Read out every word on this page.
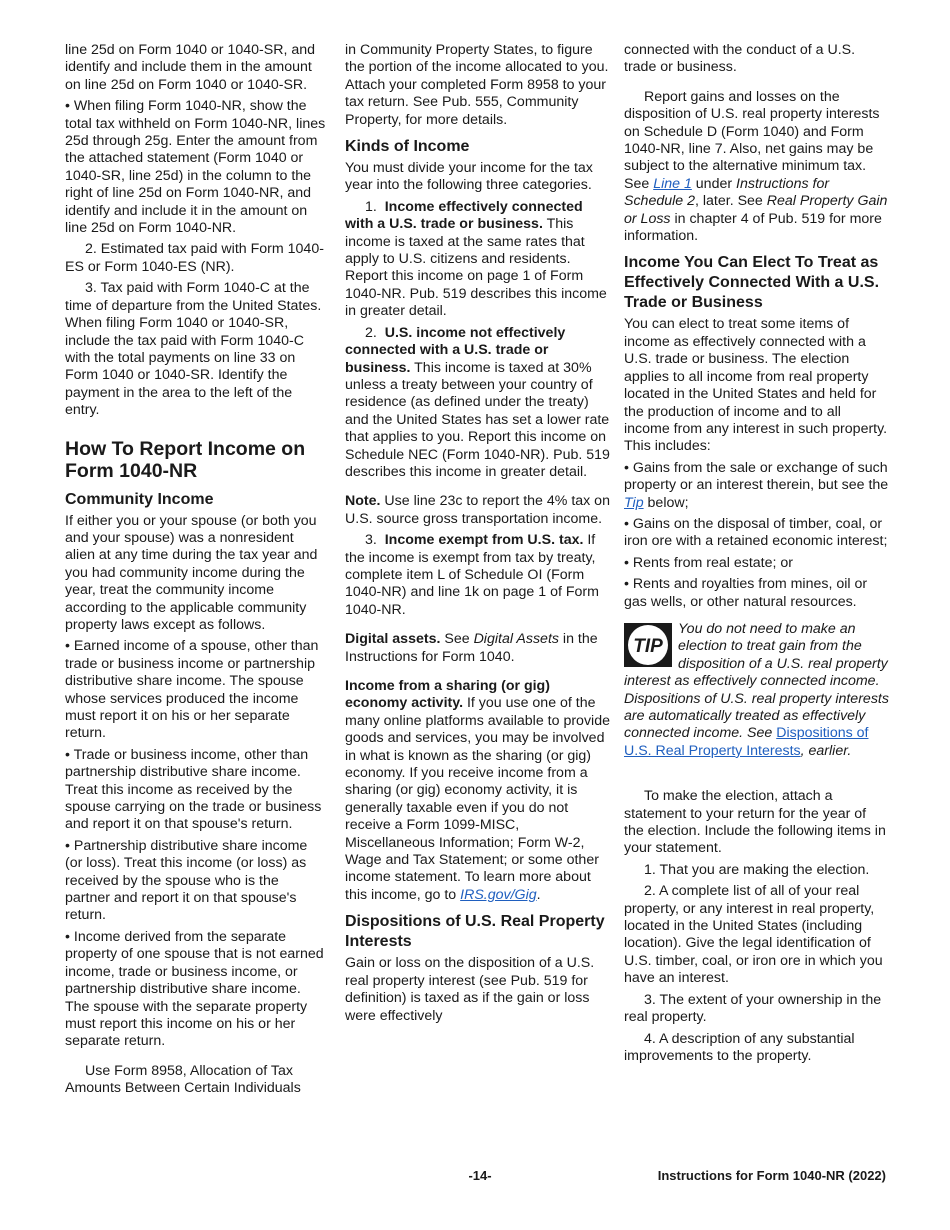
line 25d on Form 1040 or 1040-SR, and identify and include them in the amount on line 25d on Form 1040 or 1040-SR.

• When filing Form 1040-NR, show the total tax withheld on Form 1040-NR, lines 25d through 25g. Enter the amount from the attached statement (Form 1040 or 1040-SR, line 25d) in the column to the right of line 25d on Form 1040-NR, and identify and include it in the amount on line 25d on Form 1040-NR.

2. Estimated tax paid with Form 1040-ES or Form 1040-ES (NR).

3. Tax paid with Form 1040-C at the time of departure from the United States. When filing Form 1040 or 1040-SR, include the tax paid with Form 1040-C with the total payments on line 33 on Form 1040 or 1040-SR. Identify the payment in the area to the left of the entry.

How To Report Income on Form 1040-NR
Community Income

If either you or your spouse (or both you and your spouse) was a nonresident alien at any time during the tax year and you had community income during the year, treat the community income according to the applicable community property laws except as follows.

• Earned income of a spouse, other than trade or business income or partnership distributive share income. The spouse whose services produced the income must report it on his or her separate return.

• Trade or business income, other than partnership distributive share income. Treat this income as received by the spouse carrying on the trade or business and report it on that spouse's return.

• Partnership distributive share income (or loss). Treat this income (or loss) as received by the spouse who is the partner and report it on that spouse's return.

• Income derived from the separate property of one spouse that is not earned income, trade or business income, or partnership distributive share income. The spouse with the separate property must report this income on his or her separate return.

Use Form 8958, Allocation of Tax Amounts Between Certain Individuals

in Community Property States, to figure the portion of the income allocated to you. Attach your completed Form 8958 to your tax return. See Pub. 555, Community Property, for more details.

Kinds of Income

You must divide your income for the tax year into the following three categories.

1. Income effectively connected with a U.S. trade or business. This income is taxed at the same rates that apply to U.S. citizens and residents. Report this income on page 1 of Form 1040-NR. Pub. 519 describes this income in greater detail.

2. U.S. income not effectively connected with a U.S. trade or business. This income is taxed at 30% unless a treaty between your country of residence (as defined under the treaty) and the United States has set a lower rate that applies to you. Report this income on Schedule NEC (Form 1040-NR). Pub. 519 describes this income in greater detail.

Note. Use line 23c to report the 4% tax on U.S. source gross transportation income.

3. Income exempt from U.S. tax. If the income is exempt from tax by treaty, complete item L of Schedule OI (Form 1040-NR) and line 1k on page 1 of Form 1040-NR.

Digital assets. See Digital Assets in the Instructions for Form 1040.

Income from a sharing (or gig) economy activity. If you use one of the many online platforms available to provide goods and services, you may be involved in what is known as the sharing (or gig) economy. If you receive income from a sharing (or gig) economy activity, it is generally taxable even if you do not receive a Form 1099-MISC, Miscellaneous Information; Form W-2, Wage and Tax Statement; or some other income statement. To learn more about this income, go to IRS.gov/Gig.

Dispositions of U.S. Real Property Interests

Gain or loss on the disposition of a U.S. real property interest (see Pub. 519 for definition) is taxed as if the gain or loss were effectively

connected with the conduct of a U.S. trade or business.

Report gains and losses on the disposition of U.S. real property interests on Schedule D (Form 1040) and Form 1040-NR, line 7. Also, net gains may be subject to the alternative minimum tax. See Line 1 under Instructions for Schedule 2, later. See Real Property Gain or Loss in chapter 4 of Pub. 519 for more information.

Income You Can Elect To Treat as Effectively Connected With a U.S. Trade or Business

You can elect to treat some items of income as effectively connected with a U.S. trade or business. The election applies to all income from real property located in the United States and held for the production of income and to all income from any interest in such property. This includes:

• Gains from the sale or exchange of such property or an interest therein, but see the Tip below;

• Gains on the disposal of timber, coal, or iron ore with a retained economic interest;

• Rents from real estate; or

• Rents and royalties from mines, oil or gas wells, or other natural resources.

TIP
You do not need to make an election to treat gain from the disposition of a U.S. real property interest as effectively connected income. Dispositions of U.S. real property interests are automatically treated as effectively connected income. See Dispositions of U.S. Real Property Interests, earlier.

To make the election, attach a statement to your return for the year of the election. Include the following items in your statement.

1. That you are making the election.

2. A complete list of all of your real property, or any interest in real property, located in the United States (including location). Give the legal identification of U.S. timber, coal, or iron ore in which you have an interest.

3. The extent of your ownership in the real property.

4. A description of any substantial improvements to the property.

-14-	Instructions for Form 1040-NR (2022)
